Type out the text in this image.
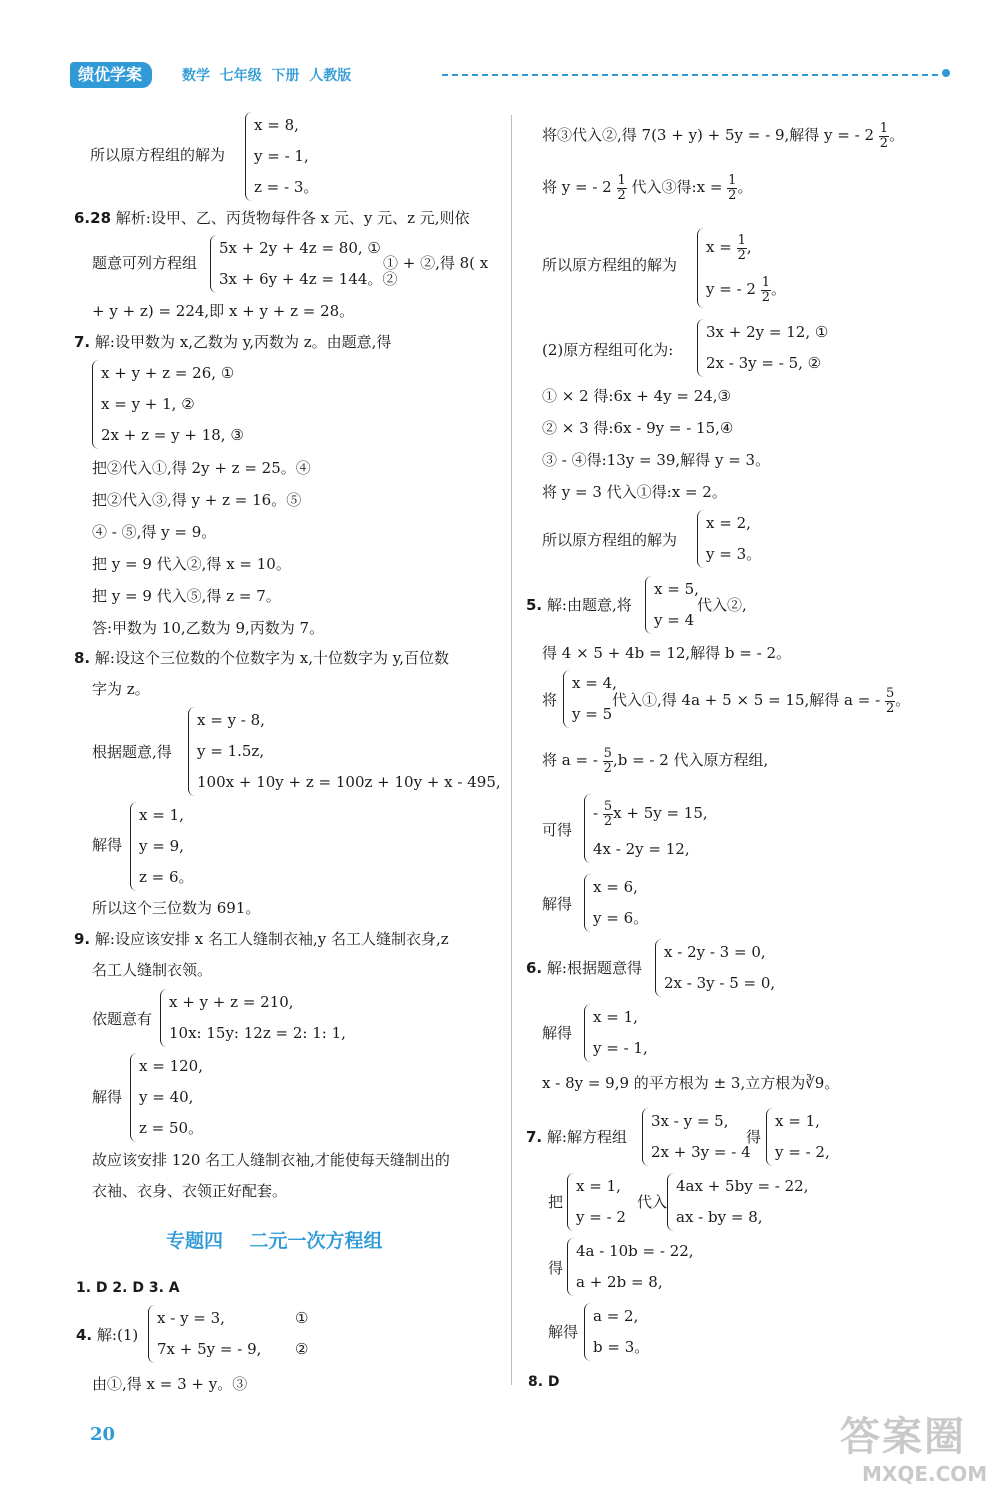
绩优学案	数学  七年级  下册  人教版
所以原方程组的解为
x = 8,
y = - 1,
z = - 3。
6.28 解析:设甲、乙、丙货物每件各 x 元、y 元、z 元,则依
题意可列方程组
5x + 2y + 4z = 80, ①
3x + 6y + 4z = 144。②
① + ②,得 8( x
+ y + z) = 224,即 x + y + z = 28。
7. 解:设甲数为 x,乙数为 y,丙数为 z。由题意,得
x + y + z = 26, ①
x = y + 1, ②
2x + z = y + 18, ③
把②代入①,得 2y + z = 25。④
把②代入③,得 y + z = 16。⑤
④ - ⑤,得 y = 9。
把 y = 9 代入②,得 x = 10。
把 y = 9 代入⑤,得 z = 7。
答:甲数为 10,乙数为 9,丙数为 7。
8. 解:设这个三位数的个位数字为 x,十位数字为 y,百位数
字为 z。
根据题意,得
x = y - 8,
y = 1.5z,
100x + 10y + z = 100z + 10y + x - 495,
解得
x = 1,
y = 9,
z = 6。
所以这个三位数为 691。
9. 解:设应该安排 x 名工人缝制衣袖,y 名工人缝制衣身,z
名工人缝制衣领。
依题意有
x + y + z = 210,
10x: 15y: 12z = 2: 1: 1,
解得
x = 120,
y = 40,
z = 50。
故应该安排 120 名工人缝制衣袖,才能使每天缝制出的
衣袖、衣身、衣领正好配套。
专题四    二元一次方程组
1. D 2. D 3. A
4. 解:(1)
x - y = 3,
7x + 5y = - 9,
①
②
由①,得 x = 3 + y。③
将③代入②,得 7(3 + y) + 5y = - 9,解得 y = - $2 \frac{1}{2}$ 。
将 y = - $2 \frac{1}{2}$ 代入③得:x = $\frac{1}{2}$ 。
所以原方程组的解为
$x = \frac{1}{2}$ ,
y = - $2 \frac{1}{2}$ 。
(2)原方程组可化为:
3x + 2y = 12, ①
2x - 3y = - 5, ②
① × 2 得:6x + 4y = 24,③
② × 3 得:6x - 9y = - 15,④
③ - ④得:13y = 39,解得 y = 3。
将 y = 3 代入①得:x = 2。
所以原方程组的解为
x = 2,
y = 3。
5. 解:由题意,将
x = 5,
y = 4
代入②,
得 4 × 5 + 4b = 12,解得 b = - 2。
将
x = 4,
y = 5
代入①,得 4a + 5 × 5 = 15,解得 a = - $\frac{5}{2}$ 。
将 a = - $\frac{5}{2} ,b$ = - 2 代入原方程组,
可得
- $\frac{5}{2}$ x + 5y = 15,
4x - 2y = 12,
解得
x = 6,
y = 6。
6. 解:根据题意得
x - 2y - 3 = 0,
2x - 3y - 5 = 0,
解得
x = 1,
y = - 1,
x - 8y = 9,9 的平方根为 ± 3,立方根为∛9。
7. 解:解方程组
3x - y = 5,
2x + 3y = - 4
得
x = 1,
y = - 2,
把
x = 1,
y = - 2
代入
4ax + 5by = - 22,
ax - by = 8,
得
4a - 10b = - 22,
a + 2b = 8,
解得
a = 2,
b = 3。
8. D
20	答案圈
MXQE.COM
